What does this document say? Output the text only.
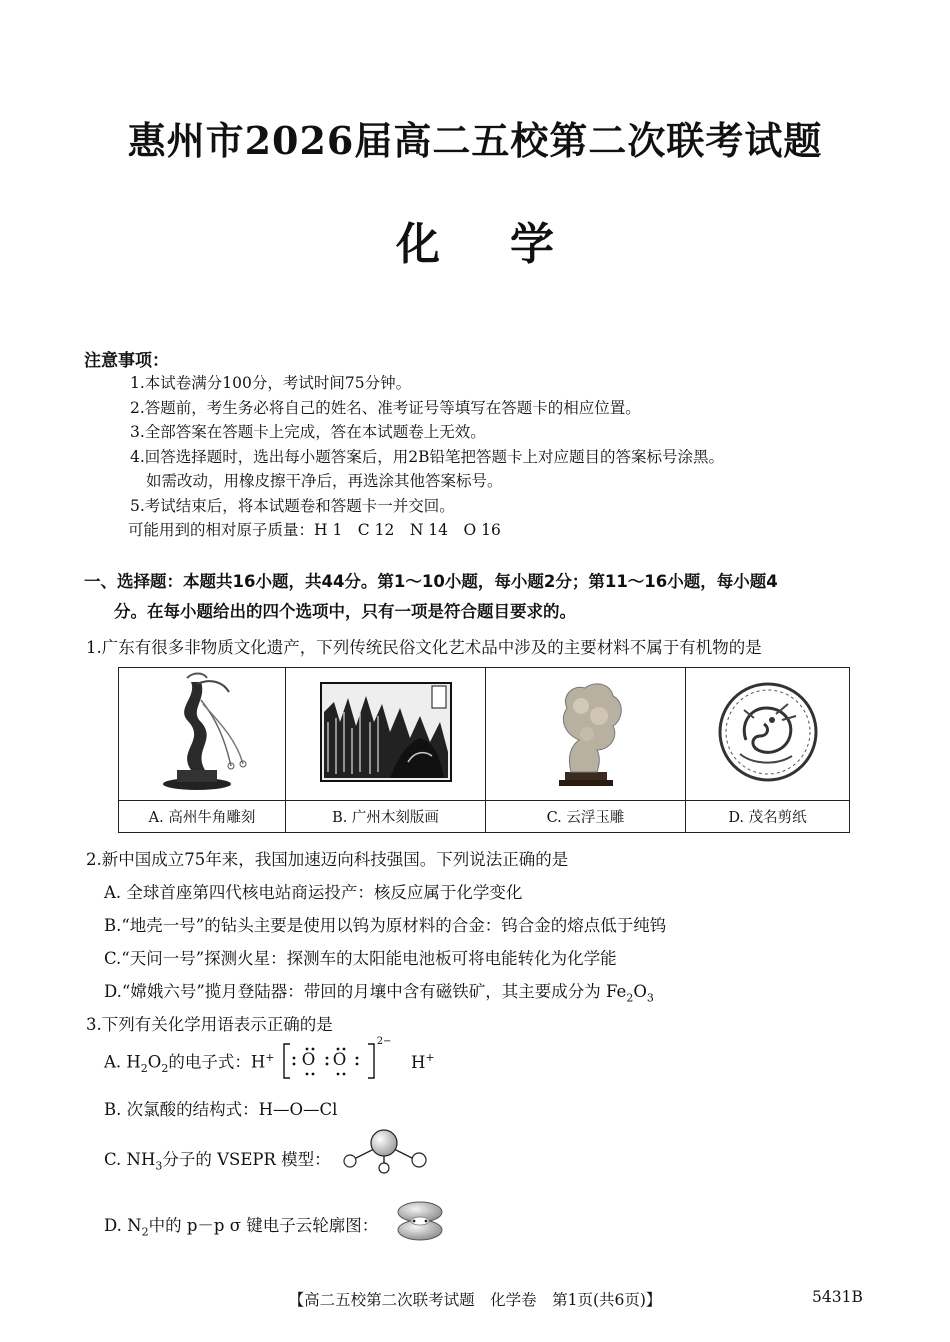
惠州市2026届高二五校第二次联考试题
化学
注意事项：
1.本试卷满分100分，考试时间75分钟。
2.答题前，考生务必将自己的姓名、准考证号等填写在答题卡的相应位置。
3.全部答案在答题卡上完成，答在本试题卷上无效。
4.回答选择题时，选出每小题答案后，用2B铅笔把答题卡上对应题目的答案标号涂黑。
如需改动，用橡皮擦干净后，再选涂其他答案标号。
5.考试结束后，将本试题卷和答题卡一并交回。
可能用到的相对原子质量：H 1　C 12　N 14　O 16
一、选择题：本题共16小题，共44分。第1～10小题，每小题2分；第11～16小题，每小题4
分。在每小题给出的四个选项中，只有一项是符合题目要求的。
1.广东有很多非物质文化遗产，下列传统民俗文化艺术品中涉及的主要材料不属于有机物的是

A. 高州牛角雕刻	B. 广州木刻版画	C. 云浮玉雕	D. 茂名剪纸
2.新中国成立75年来，我国加速迈向科技强国。下列说法正确的是
A. 全球首座第四代核电站商运投产：核反应属于化学变化
B.“地壳一号”的钻头主要是使用以钨为原材料的合金：钨合金的熔点低于纯钨
C.“天问一号”探测火星：探测车的太阳能电池板可将电能转化为化学能
D.“嫦娥六号”揽月登陆器：带回的月壤中含有磁铁矿，其主要成分为 $Fe_2O_3$
3.下列有关化学用语表示正确的是
A. $H_2O_2$的电子式：H+ O O
2−
H+
B. 次氯酸的结构式：H—O—Cl
C. $NH_3$分子的 VSEPR 模型：
D. $N_2$中的 p－p σ 键电子云轮廓图：
【高二五校第二次联考试题　化学卷　第1页(共6页)】	5431B
